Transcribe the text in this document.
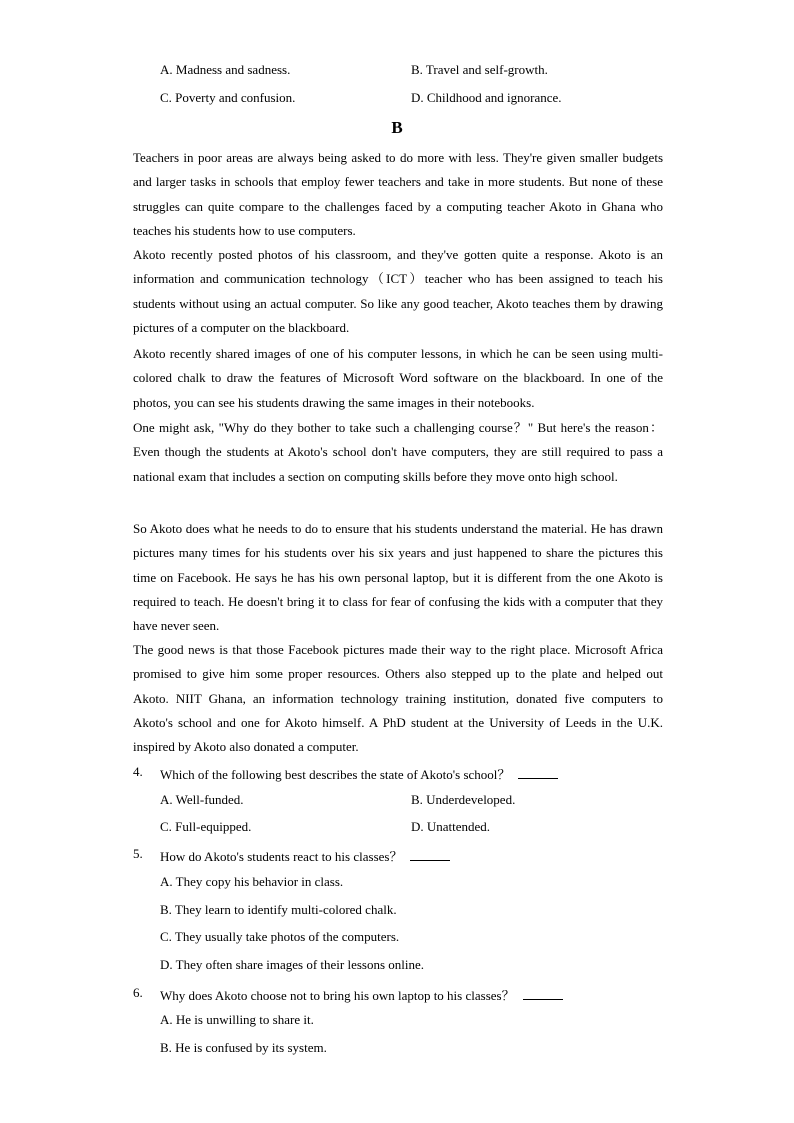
A. Madness and sadness.	B. Travel and self-growth.
C. Poverty and confusion.	D. Childhood and ignorance.
B

Teachers in poor areas are always being asked to do more with less. They're given smaller budgets and larger tasks in schools that employ fewer teachers and take in more students. But none of these struggles can quite compare to the challenges faced by a computing teacher Akoto in Ghana who teaches his students how to use computers.

Akoto recently posted photos of his classroom, and they've gotten quite a response. Akoto is an information and communication technology（ICT）teacher who has been assigned to teach his students without using an actual computer. So like any good teacher, Akoto teaches them by drawing pictures of a computer on the blackboard.

Akoto recently shared images of one of his computer lessons, in which he can be seen using multi-colored chalk to draw the features of Microsoft Word software on the blackboard. In one of the photos, you can see his students drawing the same images in their notebooks.

One might ask, "Why do they bother to take such a challenging course？" But here's the reason：Even though the students at Akoto's school don't have computers, they are still required to pass a national exam that includes a section on computing skills before they move onto high school.

So Akoto does what he needs to do to ensure that his students understand the material. He has drawn pictures many times for his students over his six years and just happened to share the pictures this time on Facebook. He says he has his own personal laptop, but it is different from the one Akoto is required to teach. He doesn't bring it to class for fear of confusing the kids with a computer that they have never seen.

The good news is that those Facebook pictures made their way to the right place. Microsoft Africa promised to give him some proper resources. Others also stepped up to the plate and helped out Akoto. NIIT Ghana, an information technology training institution, donated five computers to Akoto's school and one for Akoto himself. A PhD student at the University of Leeds in the U.K. inspired by Akoto also donated a computer.

4. Which of the following best describes the state of Akoto's school？
A. Well-funded.	B. Underdeveloped.
C. Full-equipped.	D. Unattended.
5. How do Akoto's students react to his classes？
A. They copy his behavior in class.
B. They learn to identify multi-colored chalk.
C. They usually take photos of the computers.
D. They often share images of their lessons online.
6. Why does Akoto choose not to bring his own laptop to his classes？
A. He is unwilling to share it.
B. He is confused by its system.
